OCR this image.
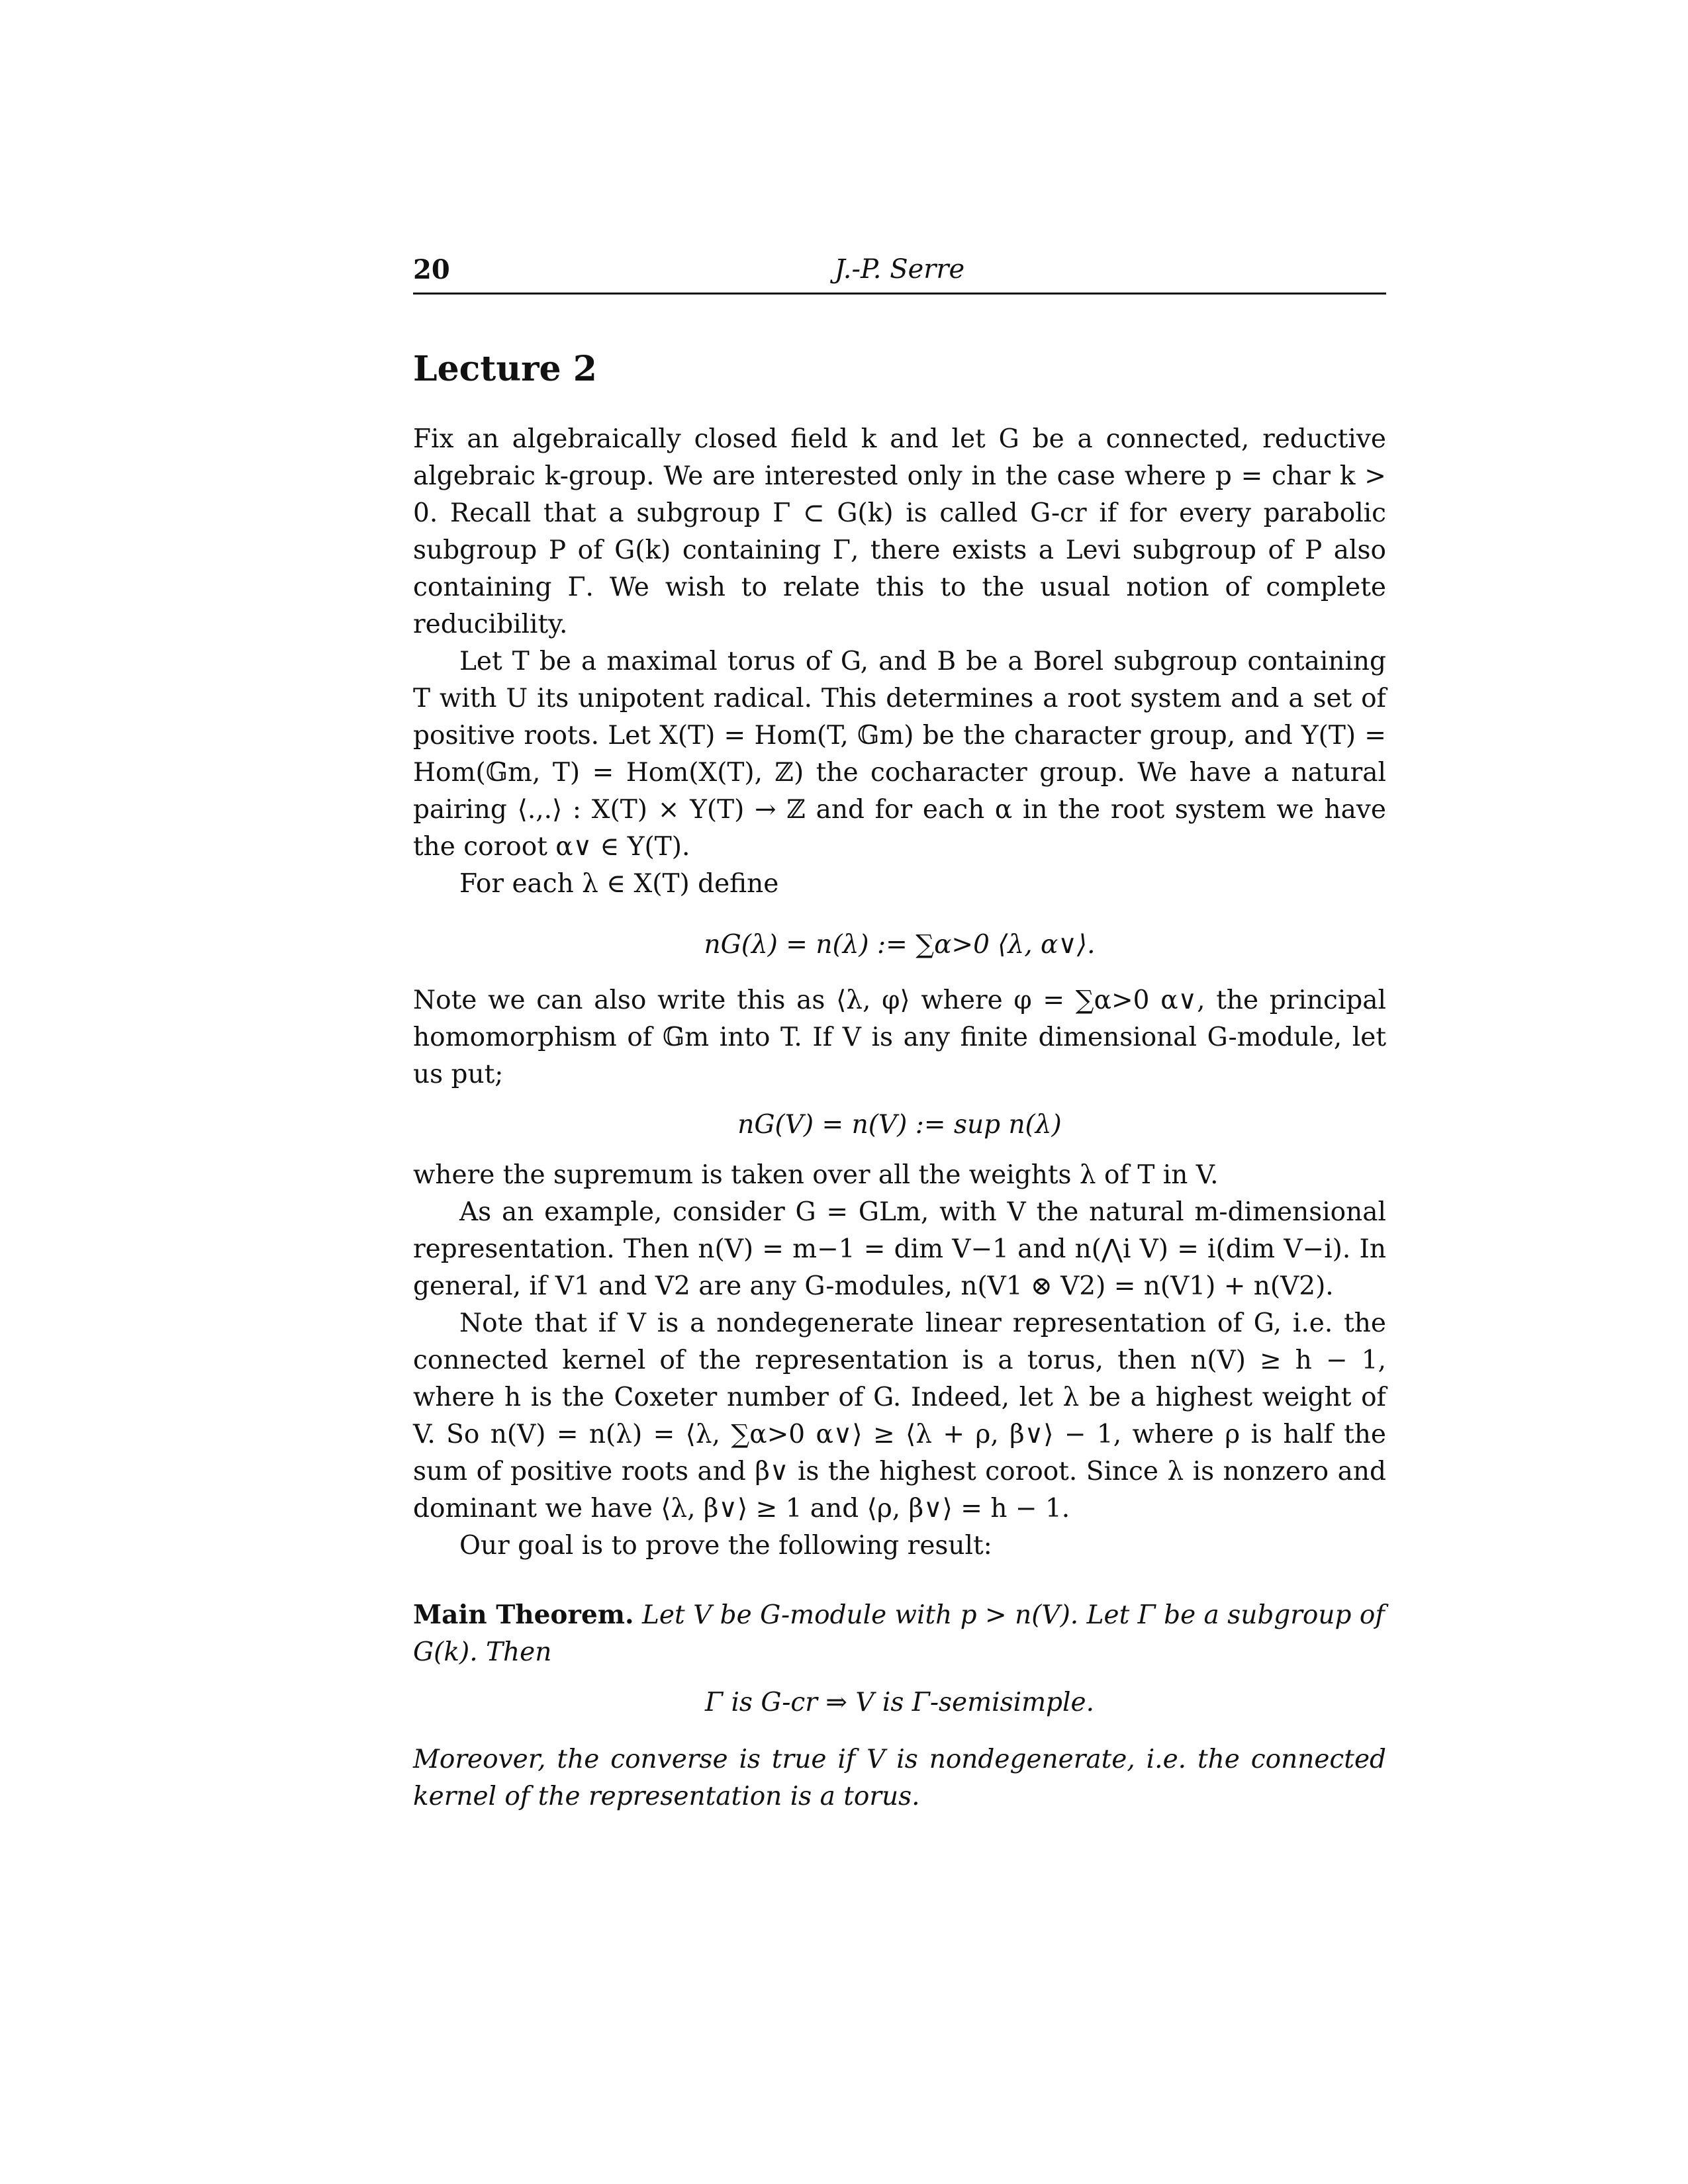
20	J.-P. Serre
Lecture 2

Fix an algebraically closed field k and let G be a connected, reductive algebraic k-group. We are interested only in the case where p = char k > 0. Recall that a subgroup Γ ⊂ G(k) is called G-cr if for every parabolic subgroup P of G(k) containing Γ, there exists a Levi subgroup of P also containing Γ. We wish to relate this to the usual notion of complete reducibility.

Let T be a maximal torus of G, and B be a Borel subgroup containing T with U its unipotent radical. This determines a root system and a set of positive roots. Let X(T) = Hom(T, 𝔾m) be the character group, and Y(T) = Hom(𝔾m, T) = Hom(X(T), ℤ) the cocharacter group. We have a natural pairing ⟨.,.⟩ : X(T) × Y(T) → ℤ and for each α in the root system we have the coroot α∨ ∈ Y(T).

For each λ ∈ X(T) define

nG(λ) = n(λ) := ∑α>0 ⟨λ, α∨⟩.

Note we can also write this as ⟨λ, φ⟩ where φ = ∑α>0 α∨, the principal homomorphism of 𝔾m into T. If V is any finite dimensional G-module, let us put;

nG(V) = n(V) := sup n(λ)

where the supremum is taken over all the weights λ of T in V.

As an example, consider G = GLm, with V the natural m-dimensional representation. Then n(V) = m−1 = dim V−1 and n(⋀i V) = i(dim V−i). In general, if V1 and V2 are any G-modules, n(V1 ⊗ V2) = n(V1) + n(V2).

Note that if V is a nondegenerate linear representation of G, i.e. the connected kernel of the representation is a torus, then n(V) ≥ h − 1, where h is the Coxeter number of G. Indeed, let λ be a highest weight of V. So n(V) = n(λ) = ⟨λ, ∑α>0 α∨⟩ ≥ ⟨λ + ρ, β∨⟩ − 1, where ρ is half the sum of positive roots and β∨ is the highest coroot. Since λ is nonzero and dominant we have ⟨λ, β∨⟩ ≥ 1 and ⟨ρ, β∨⟩ = h − 1.

Our goal is to prove the following result:

Main Theorem. Let V be G-module with p > n(V). Let Γ be a subgroup of G(k). Then
Γ is G-cr ⇒ V is Γ-semisimple.
Moreover, the converse is true if V is nondegenerate, i.e. the connected kernel of the representation is a torus.
